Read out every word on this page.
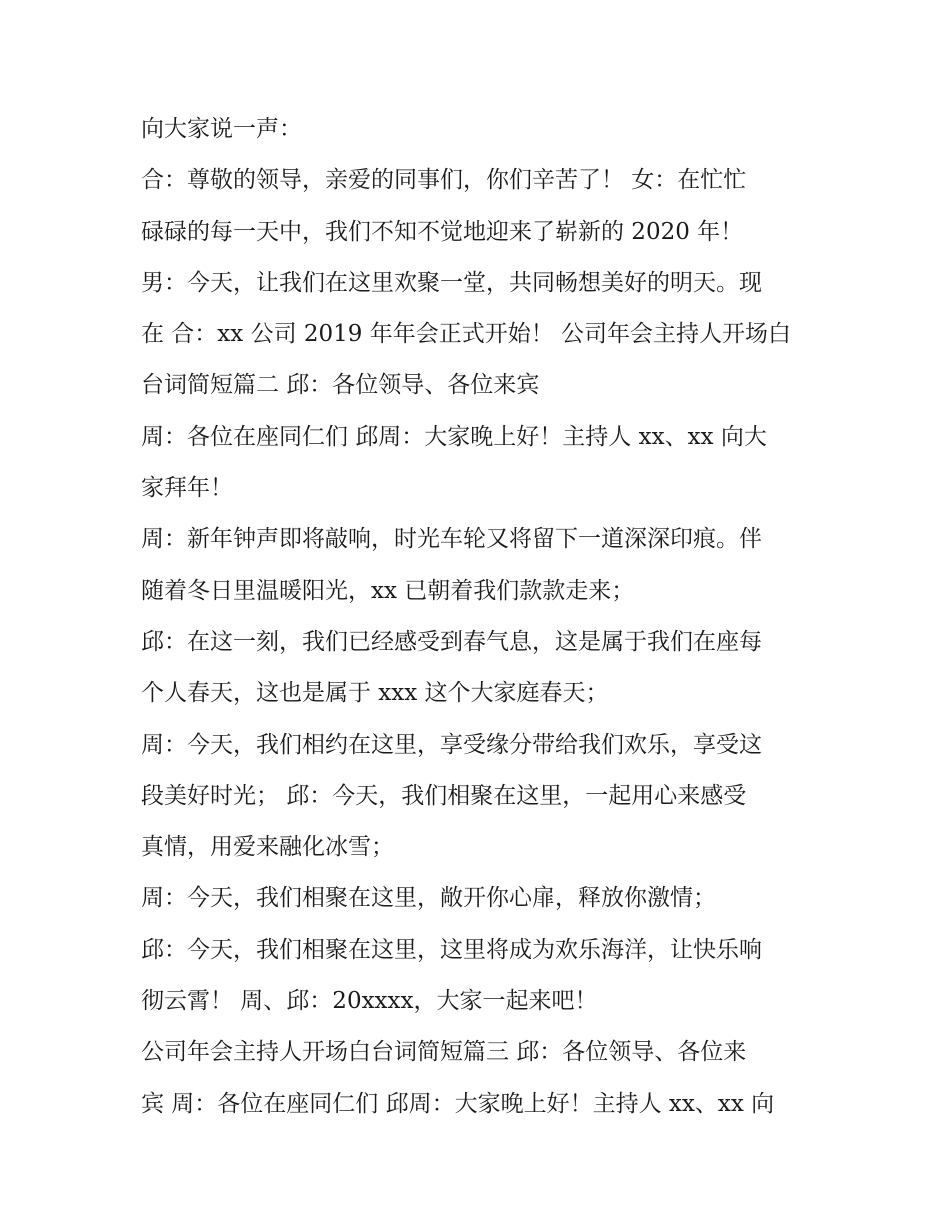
向大家说一声：
合：尊敬的领导，亲爱的同事们，你们辛苦了！ 女：在忙忙
碌碌的每一天中，我们不知不觉地迎来了崭新的 2020 年！
男：今天，让我们在这里欢聚一堂，共同畅想美好的明天。现
在 合：xx 公司 2019 年年会正式开始！ 公司年会主持人开场白
台词简短篇二 邱：各位领导、各位来宾
周：各位在座同仁们 邱周：大家晚上好！主持人 xx、xx 向大
家拜年！
周：新年钟声即将敲响，时光车轮又将留下一道深深印痕。伴
随着冬日里温暖阳光，xx 已朝着我们款款走来；
邱：在这一刻，我们已经感受到春气息，这是属于我们在座每
个人春天，这也是属于 xxx 这个大家庭春天；
周：今天，我们相约在这里，享受缘分带给我们欢乐，享受这
段美好时光； 邱：今天，我们相聚在这里，一起用心来感受
真情，用爱来融化冰雪；
周：今天，我们相聚在这里，敞开你心扉，释放你激情；
邱：今天，我们相聚在这里，这里将成为欢乐海洋，让快乐响
彻云霄！ 周、邱：20xxxx，大家一起来吧！
公司年会主持人开场白台词简短篇三 邱：各位领导、各位来
宾 周：各位在座同仁们 邱周：大家晚上好！主持人 xx、xx 向
